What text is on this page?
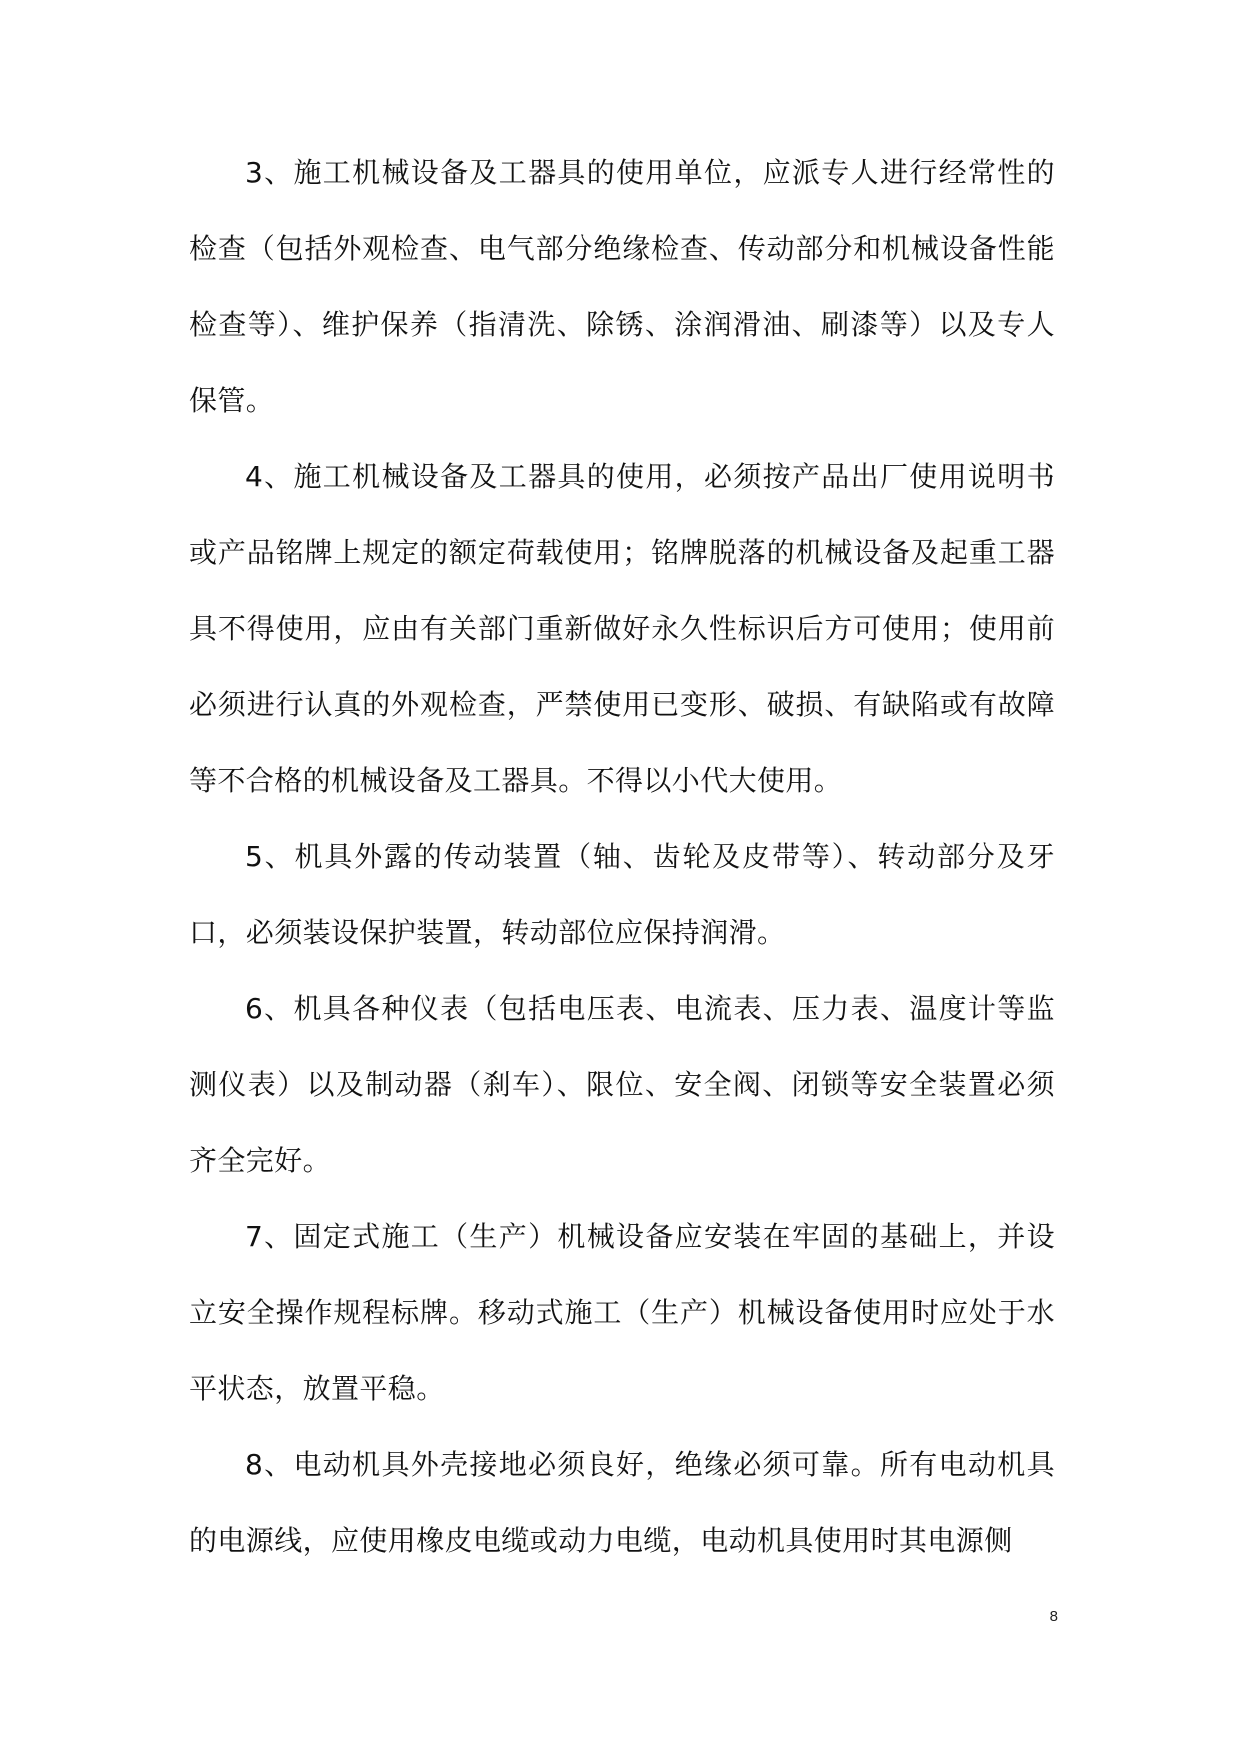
3、施工机械设备及工器具的使用单位，应派专人进行经常性的检查（包括外观检查、电气部分绝缘检查、传动部分和机械设备性能检查等）、维护保养（指清洗、除锈、涂润滑油、刷漆等）以及专人保管。

4、施工机械设备及工器具的使用，必须按产品出厂使用说明书或产品铭牌上规定的额定荷载使用；铭牌脱落的机械设备及起重工器具不得使用，应由有关部门重新做好永久性标识后方可使用；使用前必须进行认真的外观检查，严禁使用已变形、破损、有缺陷或有故障等不合格的机械设备及工器具。不得以小代大使用。

5、机具外露的传动装置（轴、齿轮及皮带等）、转动部分及牙口，必须装设保护装置，转动部位应保持润滑。

6、机具各种仪表（包括电压表、电流表、压力表、温度计等监测仪表）以及制动器（刹车）、限位、安全阀、闭锁等安全装置必须齐全完好。

7、固定式施工（生产）机械设备应安装在牢固的基础上，并设立安全操作规程标牌。移动式施工（生产）机械设备使用时应处于水平状态，放置平稳。

8、电动机具外壳接地必须良好，绝缘必须可靠。所有电动机具的电源线，应使用橡皮电缆或动力电缆，电动机具使用时其电源侧

8
